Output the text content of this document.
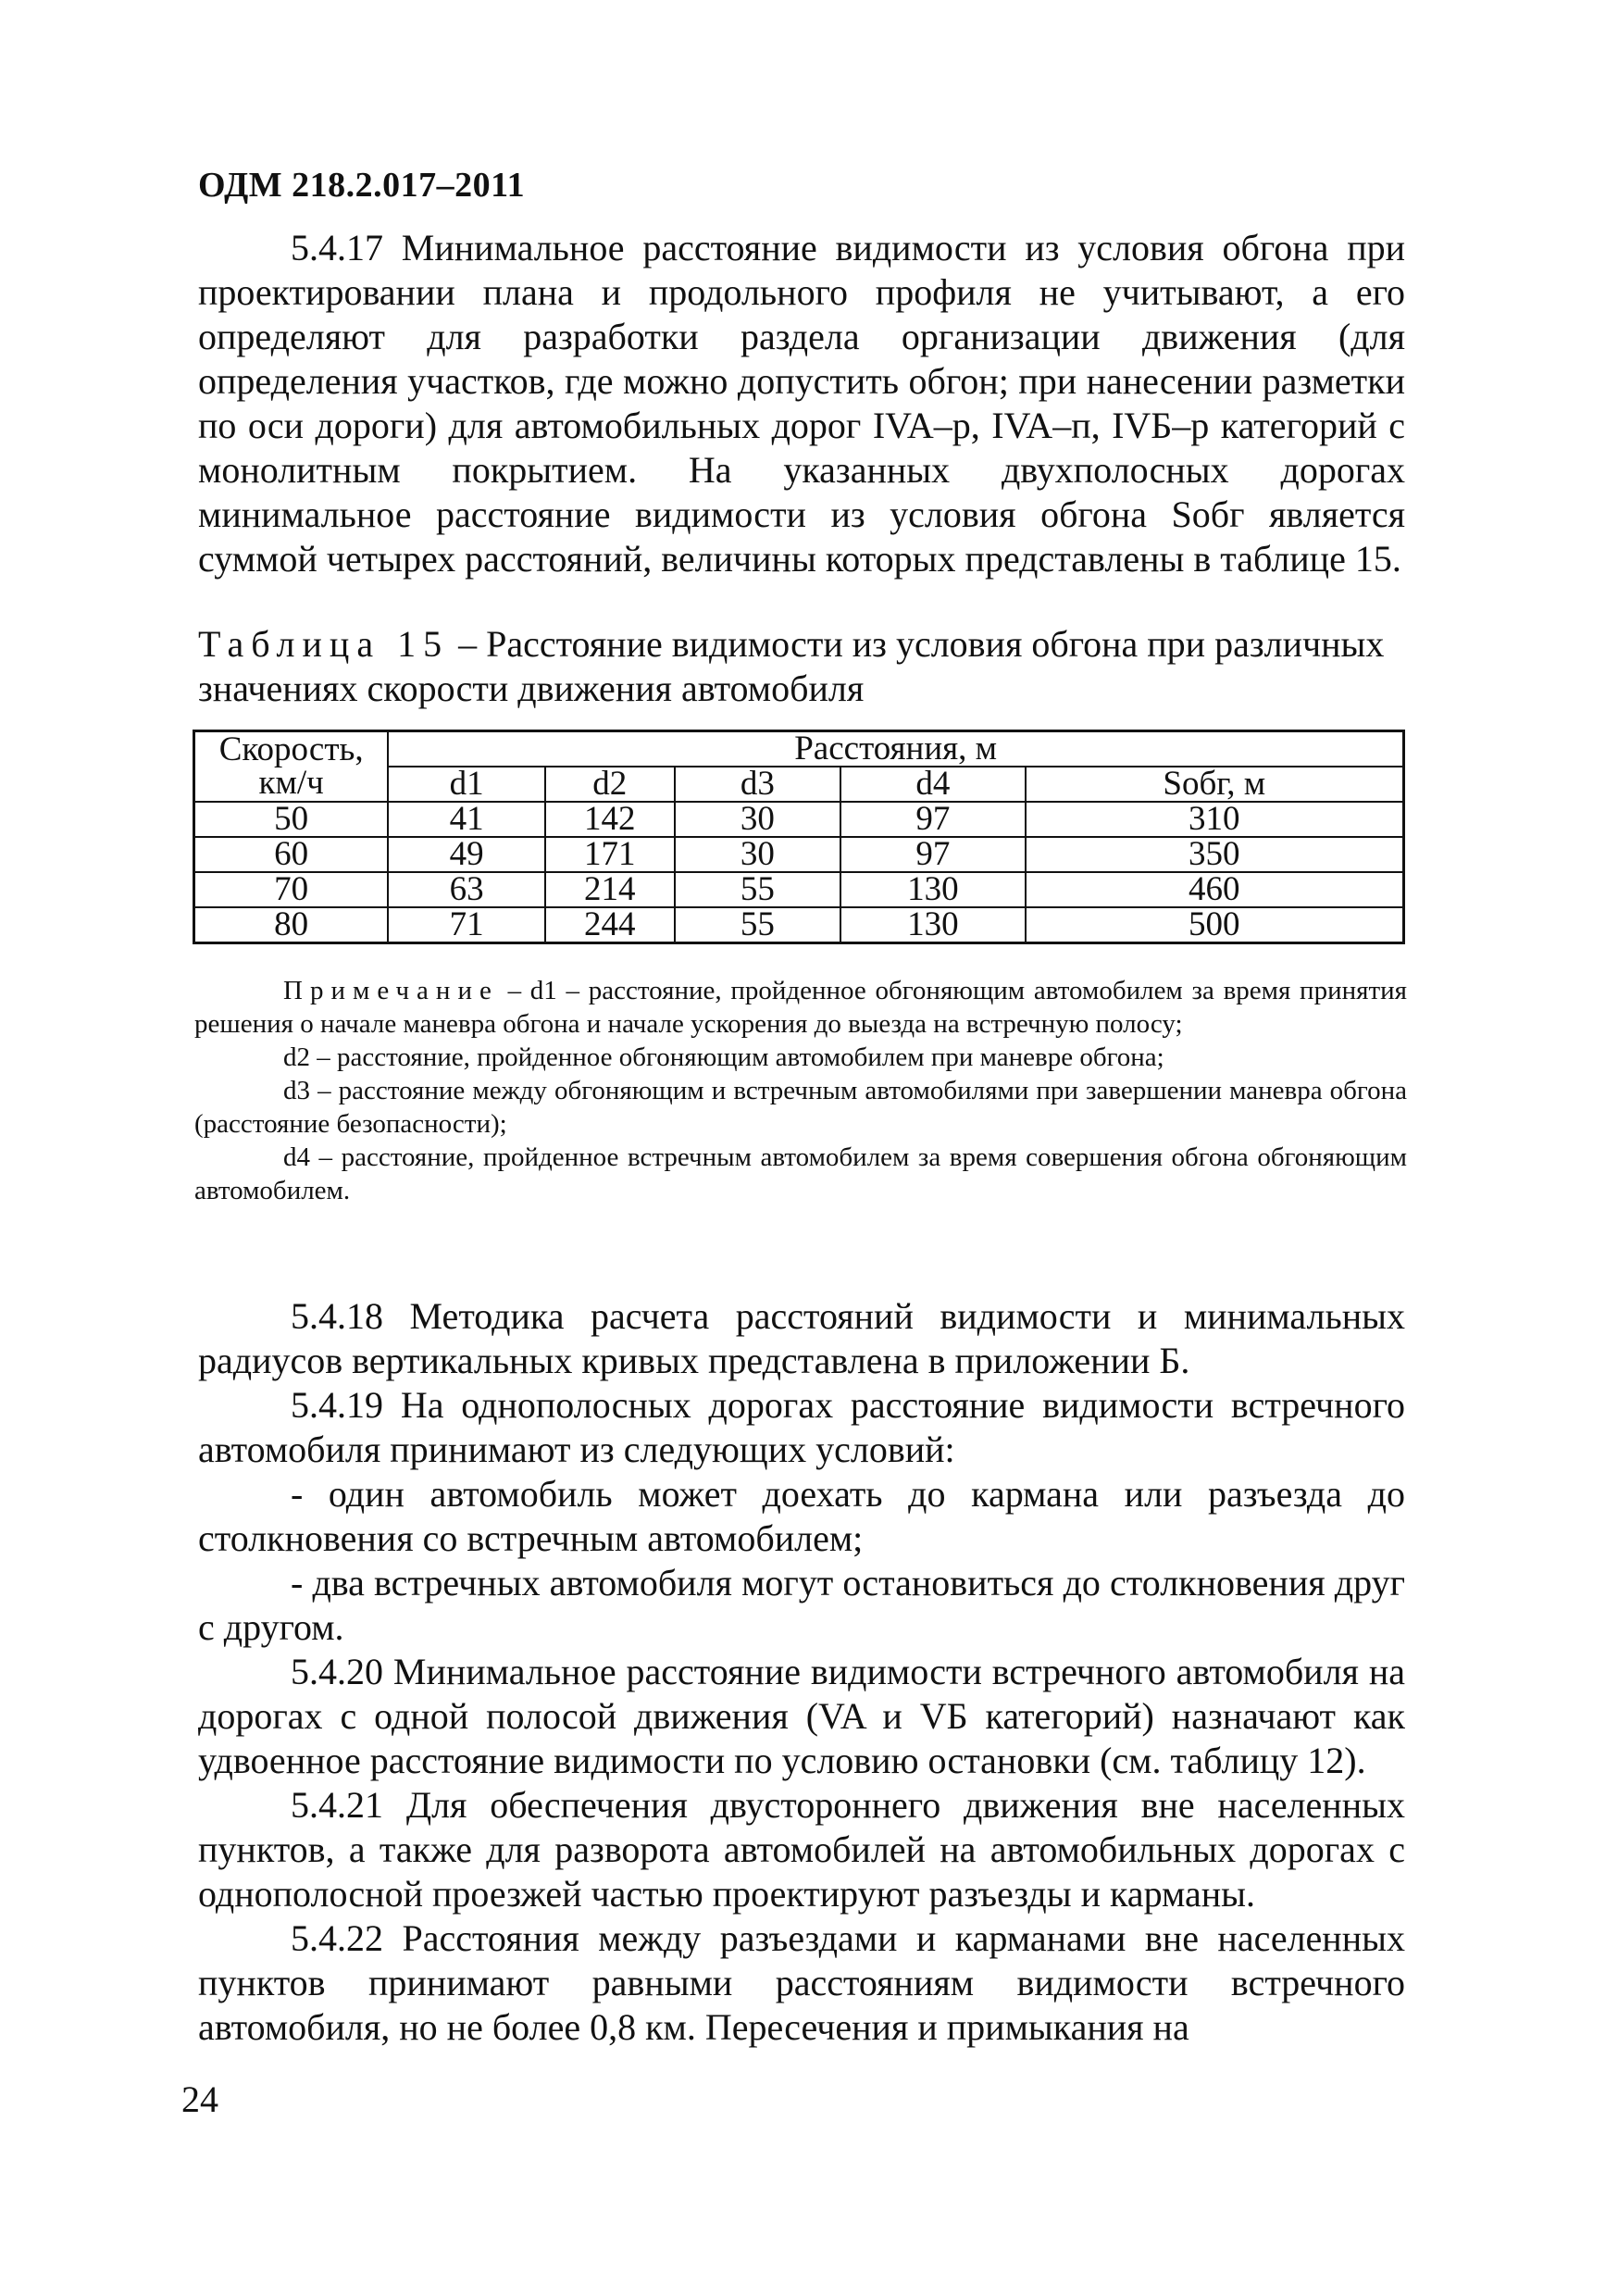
ОДМ 218.2.017–2011

5.4.17 Минимальное расстояние видимости из условия обгона при проектировании плана и продольного профиля не учитывают, а его определяют для разработки раздела организации движения (для определения участков, где можно допустить обгон; при нанесении разметки по оси дороги) для автомобильных дорог IVA–р, IVA–п, IVБ–р категорий с монолитным покрытием. На указанных двухполосных дорогах минимальное расстояние видимости из условия обгона Sобг является суммой четырех расстояний, величины которых представлены в таблице 15.

Таблица 15 – Расстояние видимости из условия обгона при различных значениях скорости движения автомобиля

Скорость, км/ч	Расстояния, м				
	d1	d2	d3	d4	Sобг, м
50	41	142	30	97	310
60	49	171	30	97	350
70	63	214	55	130	460
80	71	244	55	130	500

Примечание – d1 – расстояние, пройденное обгоняющим автомобилем за время принятия решения о начале маневра обгона и начале ускорения до выезда на встречную полосу;

d2 – расстояние, пройденное обгоняющим автомобилем при маневре обгона;

d3 – расстояние между обгоняющим и встречным автомобилями при завершении маневра обгона (расстояние безопасности);

d4 – расстояние, пройденное встречным автомобилем за время совершения обгона обгоняющим автомобилем.

5.4.18 Методика расчета расстояний видимости и минимальных радиусов вертикальных кривых представлена в приложении Б.

5.4.19 На однополосных дорогах расстояние видимости встречного автомобиля принимают из следующих условий:

- один автомобиль может доехать до кармана или разъезда до столкновения со встречным автомобилем;

- два встречных автомобиля могут остановиться до столкновения друг с другом.

5.4.20 Минимальное расстояние видимости встречного автомобиля на дорогах с одной полосой движения (VA и VБ категорий) назначают как удвоенное расстояние видимости по условию остановки (см. таблицу 12).

5.4.21 Для обеспечения двустороннего движения вне населенных пунктов, а также для разворота автомобилей на автомобильных дорогах с однополосной проезжей частью проектируют разъезды и карманы.

5.4.22 Расстояния между разъездами и карманами вне населенных пунктов принимают равными расстояниям видимости встречного автомобиля, но не более 0,8 км. Пересечения и примыкания на

24
